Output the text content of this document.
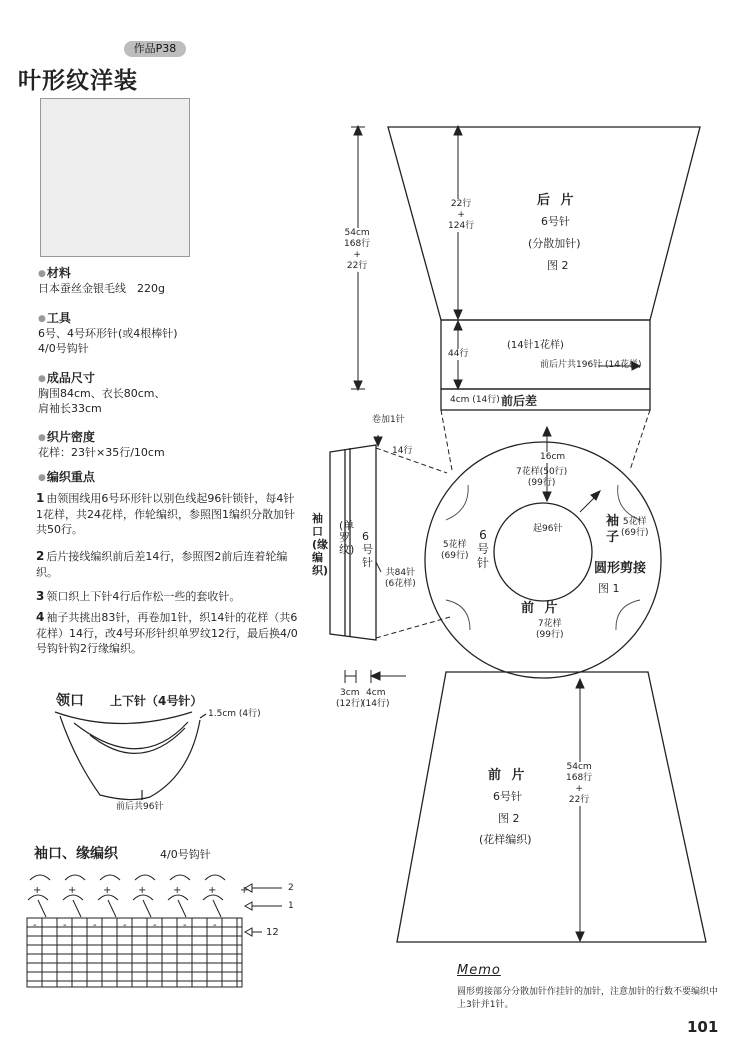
+	+	+	+	+	+ +
-	-	-	-	-	-	-
作品P38
叶形纹洋装
● 材料
日本蚕丝金银毛线　220g
● 工具
6号、4号环形针(或4根棒针)
4/0号钩针
● 成品尺寸
胸围84cm、衣长80cm、
肩袖长33cm
● 织片密度
花样：23针×35行/10cm
● 编织重点
1 由领围线用6号环形针以别色线起96针锁针，每4针1花样，共24花样，作轮编织，参照图1编织分散加针共50行。
2 后片接线编织前后差14行，参照图2前后连着轮编织。
3 领口织上下针4行后作松一些的套收针。
4 袖子共挑出83针，再卷加1针，织14针的花样（共6花样）14行，改4号环形针织单罗纹12行，最后换4/0号钩针钩2行缘编织。
领口 上下针（4号针）
1.5cm (4行)
前后共96针
袖口、缘编织	4/0号钩针
2
1
12
后 片
6号针
(分散加针)
图 2
22行
+
124行
54cm
168行
+
22行
(14针1花样)
44行
前后片共196针 (14花样)
4cm (14行) 前后差
卷加1针
14行
共84针
(6花样)
袖口(缘编织)
(单罗纹)
6号针
3cm
(12行)
4cm
(14行)
16cm
7花样(50行)
(99行)
起96针
6
号
针
5花样
(69行)
5花样
(69行)
袖
子
圆形剪接
图 1
前 片
7花样
(99行)
前 片
6号针
图 2
(花样编织)
54cm
168行
+
22行
Memo
圆形剪接部分分散加针作挂针的加针，注意加针的行数不要编织中上3针并1针。
101
